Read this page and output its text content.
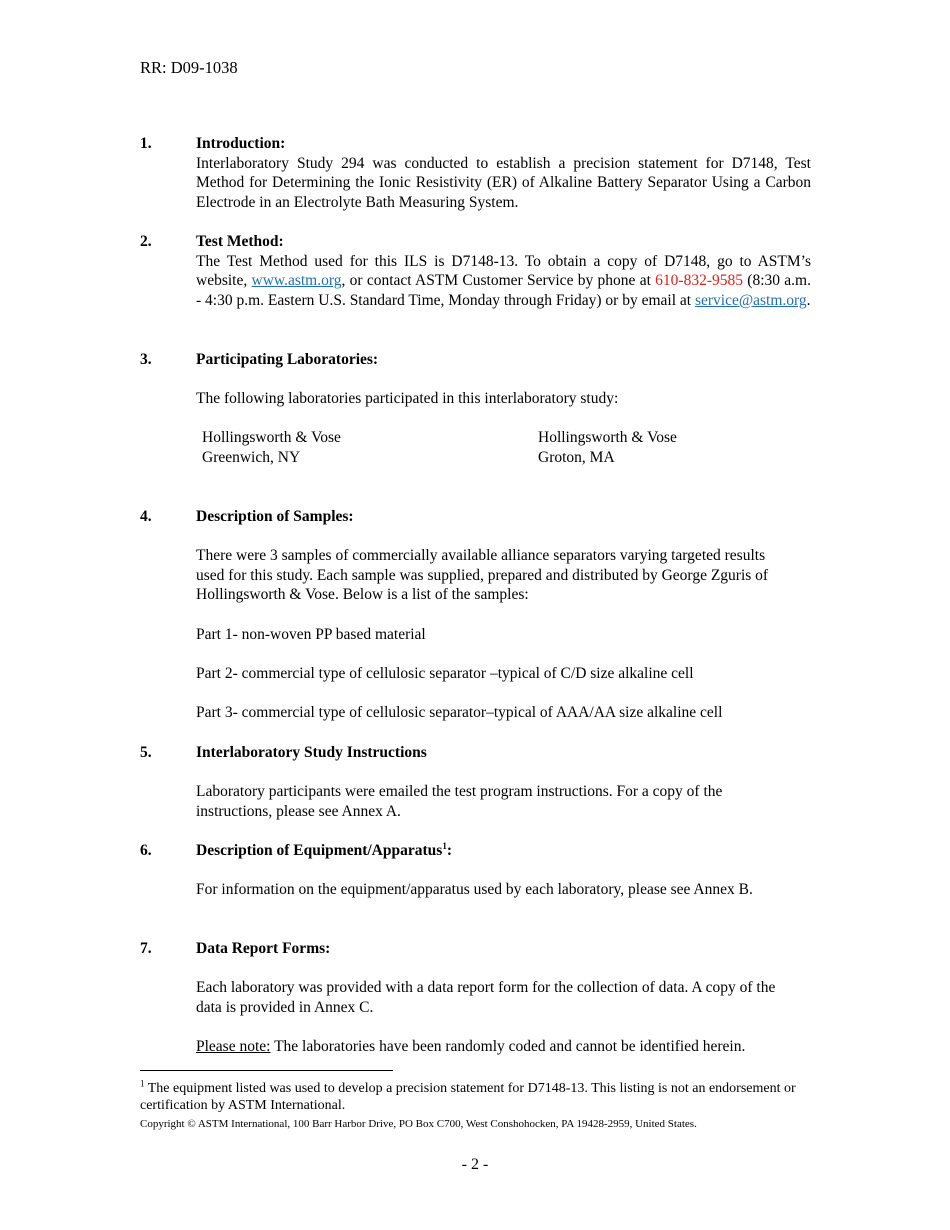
RR: D09-1038
1.	Introduction:
Interlaboratory Study 294 was conducted to establish a precision statement for D7148, Test Method for Determining the Ionic Resistivity (ER) of Alkaline Battery Separator Using a Carbon Electrode in an Electrolyte Bath Measuring System.
2.	Test Method:
The Test Method used for this ILS is D7148-13. To obtain a copy of D7148, go to ASTM’s website, www.astm.org, or contact ASTM Customer Service by phone at 610-832-9585 (8:30 a.m. - 4:30 p.m. Eastern U.S. Standard Time, Monday through Friday) or by email at service@astm.org.
3.	Participating Laboratories:
The following laboratories participated in this interlaboratory study:
Hollingsworth & Vose
Greenwich, NY
Hollingsworth & Vose
Groton, MA
4.	Description of Samples:
There were 3 samples of commercially available alliance separators varying targeted results used for this study. Each sample was supplied, prepared and distributed by George Zguris of Hollingsworth & Vose. Below is a list of the samples:
Part 1- non-woven PP based material
Part 2- commercial type of cellulosic separator –typical of C/D size alkaline cell
Part 3- commercial type of cellulosic separator–typical of AAA/AA size alkaline cell
5.	Interlaboratory Study Instructions
Laboratory participants were emailed the test program instructions. For a copy of the instructions, please see Annex A.
6.	Description of Equipment/Apparatus$^1$:
For information on the equipment/apparatus used by each laboratory, please see Annex B.
7.	Data Report Forms:
Each laboratory was provided with a data report form for the collection of data. A copy of the data is provided in Annex C.
Please note: The laboratories have been randomly coded and cannot be identified herein.
$^1$ The equipment listed was used to develop a precision statement for D7148-13. This listing is not an endorsement or certification by ASTM International.
Copyright © ASTM International, 100 Barr Harbor Drive, PO Box C700, West Conshohocken, PA 19428-2959, United States.
- 2 -
